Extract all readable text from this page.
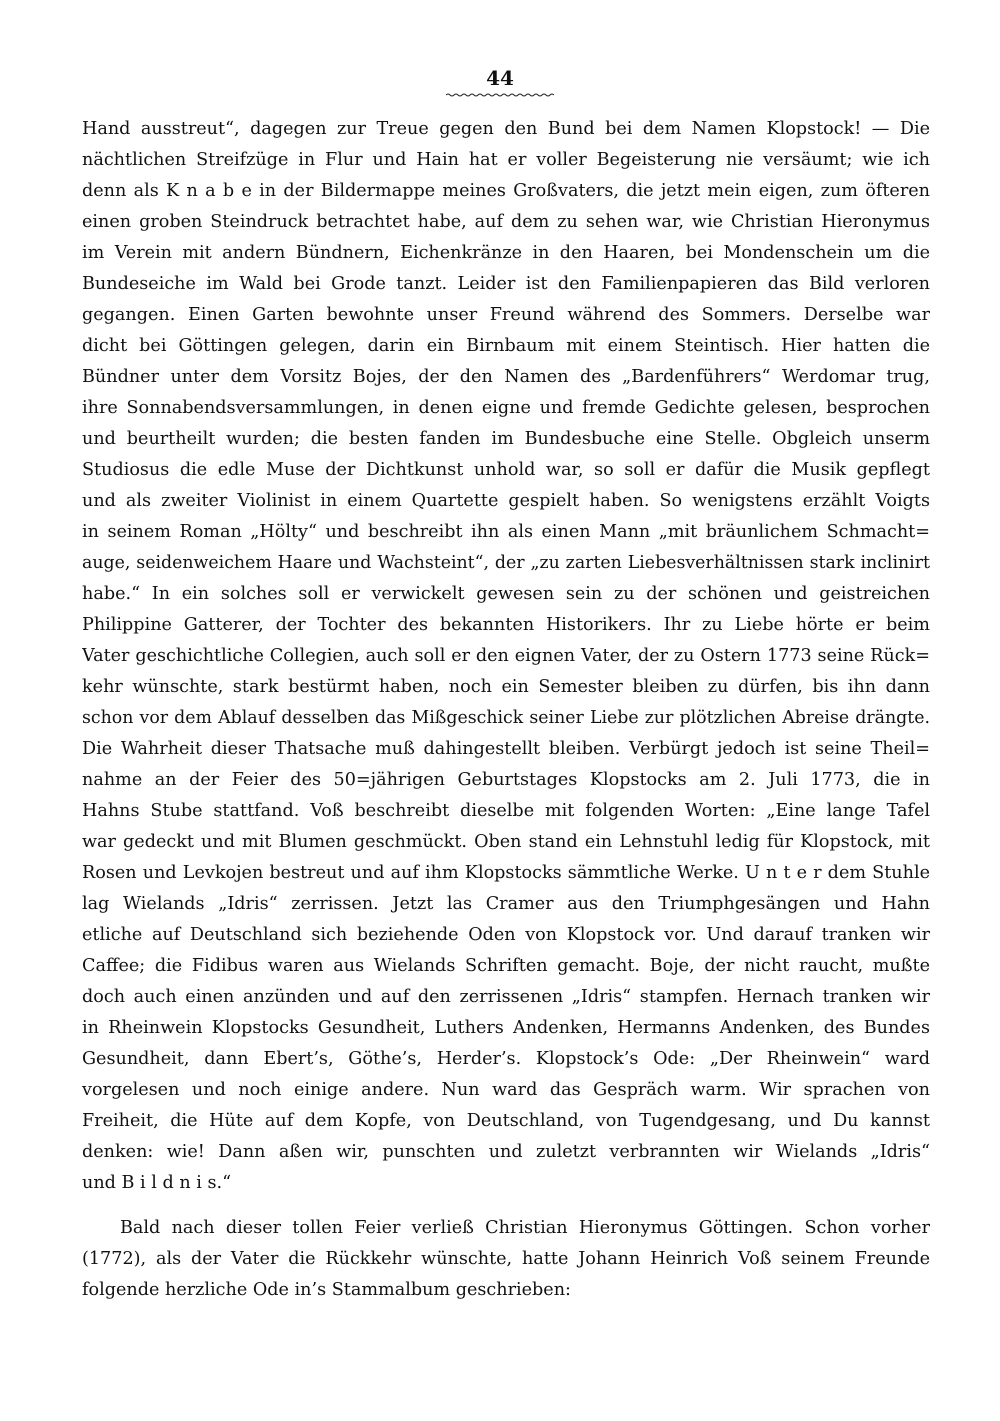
44
Hand ausstreut“, dagegen zur Treue gegen den Bund bei dem Namen Klopstock! — Die
nächtlichen Streifzüge in Flur und Hain hat er voller Begeisterung nie versäumt; wie ich
denn als K n a b e in der Bildermappe meines Großvaters, die jetzt mein eigen, zum öfteren
einen groben Steindruck betrachtet habe, auf dem zu sehen war, wie Christian Hieronymus
im Verein mit andern Bündnern, Eichenkränze in den Haaren, bei Mondenschein um die
Bundeseiche im Wald bei Grode tanzt. Leider ist den Familienpapieren das Bild verloren
gegangen. Einen Garten bewohnte unser Freund während des Sommers. Derselbe war
dicht bei Göttingen gelegen, darin ein Birnbaum mit einem Steintisch. Hier hatten die
Bündner unter dem Vorsitz Bojes, der den Namen des „Bardenführers“ Werdomar trug,
ihre Sonnabendsversammlungen, in denen eigne und fremde Gedichte gelesen, besprochen
und beurtheilt wurden; die besten fanden im Bundesbuche eine Stelle. Obgleich unserm
Studiosus die edle Muse der Dichtkunst unhold war, so soll er dafür die Musik gepflegt
und als zweiter Violinist in einem Quartette gespielt haben. So wenigstens erzählt Voigts
in seinem Roman „Hölty“ und beschreibt ihn als einen Mann „mit bräunlichem Schmacht=
auge, seidenweichem Haare und Wachsteint“, der „zu zarten Liebesverhältnissen stark inclinirt
habe.“ In ein solches soll er verwickelt gewesen sein zu der schönen und geistreichen
Philippine Gatterer, der Tochter des bekannten Historikers. Ihr zu Liebe hörte er beim
Vater geschichtliche Collegien, auch soll er den eignen Vater, der zu Ostern 1773 seine Rück=
kehr wünschte, stark bestürmt haben, noch ein Semester bleiben zu dürfen, bis ihn dann
schon vor dem Ablauf desselben das Mißgeschick seiner Liebe zur plötzlichen Abreise drängte.
Die Wahrheit dieser Thatsache muß dahingestellt bleiben. Verbürgt jedoch ist seine Theil=
nahme an der Feier des 50=jährigen Geburtstages Klopstocks am 2. Juli 1773, die in
Hahns Stube stattfand. Voß beschreibt dieselbe mit folgenden Worten: „Eine lange Tafel
war gedeckt und mit Blumen geschmückt. Oben stand ein Lehnstuhl ledig für Klopstock, mit
Rosen und Levkojen bestreut und auf ihm Klopstocks sämmtliche Werke. U n t e r dem Stuhle
lag Wielands „Idris“ zerrissen. Jetzt las Cramer aus den Triumphgesängen und Hahn
etliche auf Deutschland sich beziehende Oden von Klopstock vor. Und darauf tranken wir
Caffee; die Fidibus waren aus Wielands Schriften gemacht. Boje, der nicht raucht, mußte
doch auch einen anzünden und auf den zerrissenen „Idris“ stampfen. Hernach tranken wir
in Rheinwein Klopstocks Gesundheit, Luthers Andenken, Hermanns Andenken, des Bundes
Gesundheit, dann Ebert’s, Göthe’s, Herder’s. Klopstock’s Ode: „Der Rheinwein“ ward
vorgelesen und noch einige andere. Nun ward das Gespräch warm. Wir sprachen von
Freiheit, die Hüte auf dem Kopfe, von Deutschland, von Tugendgesang, und Du kannst
denken: wie! Dann aßen wir, punschten und zuletzt verbrannten wir Wielands „Idris“
und B i l d n i s.“
Bald nach dieser tollen Feier verließ Christian Hieronymus Göttingen. Schon vorher
(1772), als der Vater die Rückkehr wünschte, hatte Johann Heinrich Voß seinem Freunde
folgende herzliche Ode in’s Stammalbum geschrieben:
